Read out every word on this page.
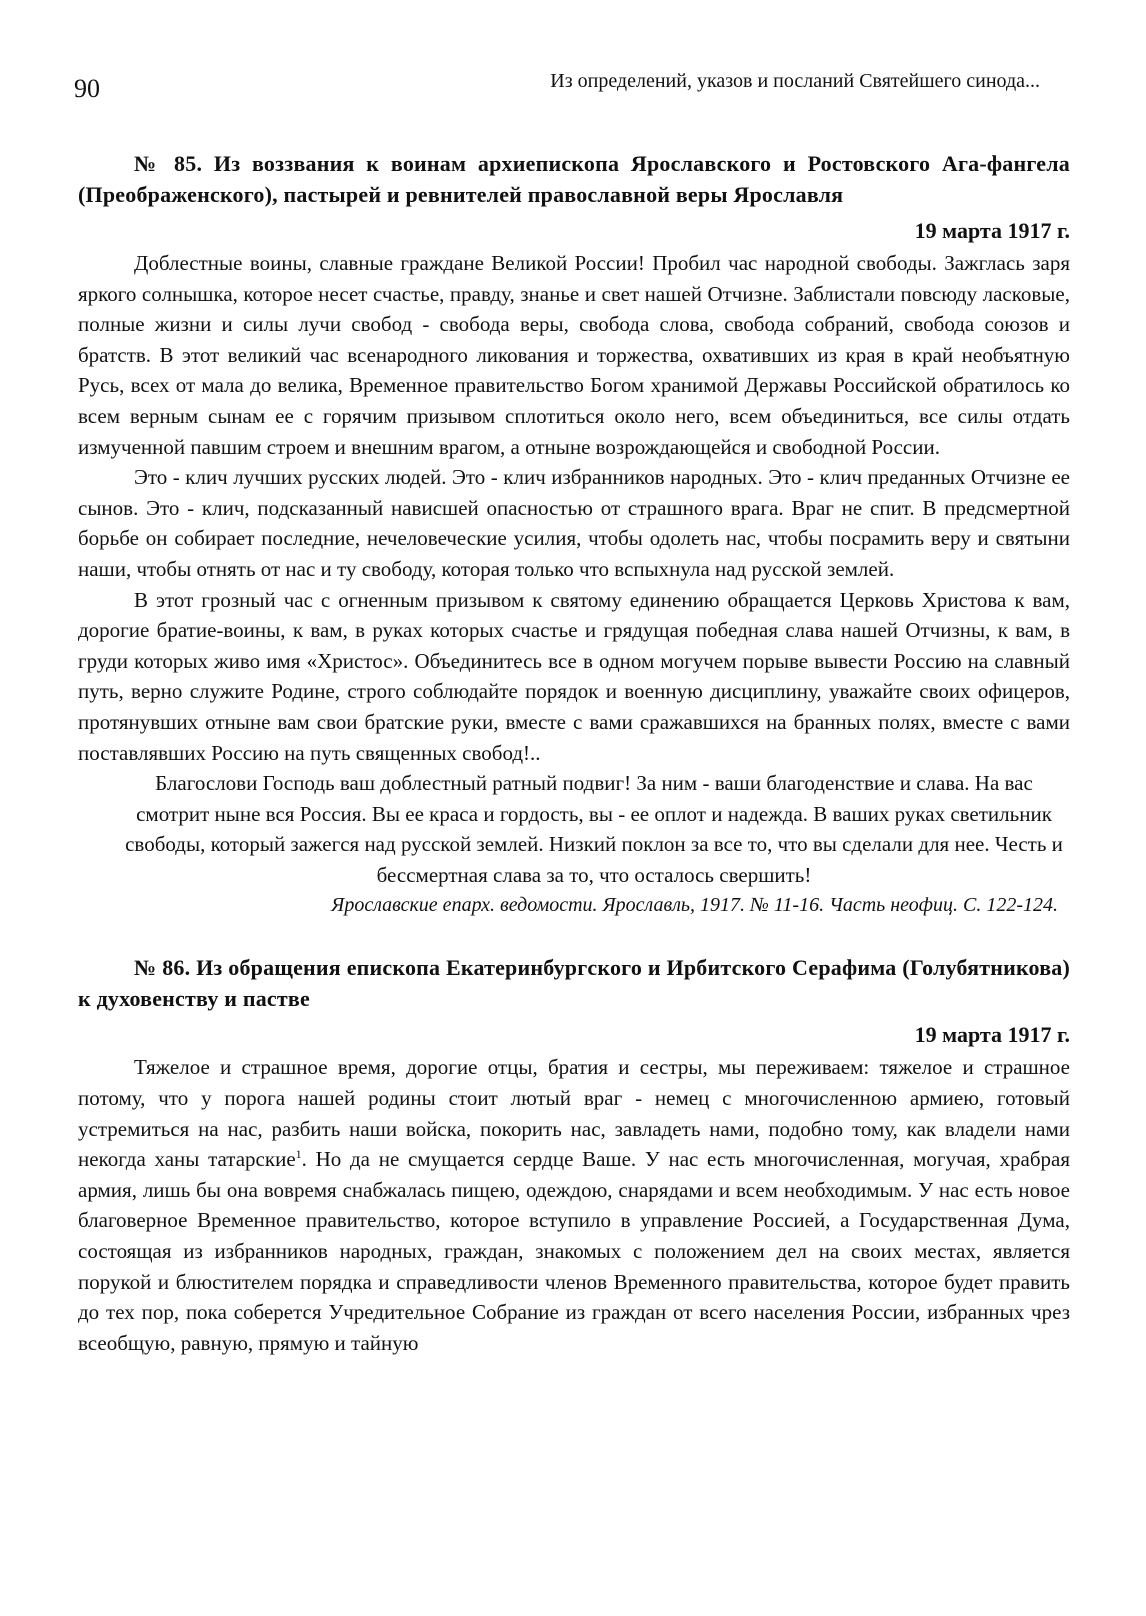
90	Из определений, указов и посланий Святейшего синода...

№ 85. Из воззвания к воинам архиепископа Ярославского и Ростовского Ага-фангела (Преображенского), пастырей и ревнителей православной веры Ярославля

19 марта 1917 г.

Доблестные воины, славные граждане Великой России! Пробил час народной свободы. Зажглась заря яркого солнышка, которое несет счастье, правду, знанье и свет нашей Отчизне. Заблистали повсюду ласковые, полные жизни и силы лучи свобод - свобода веры, свобода слова, свобода собраний, свобода союзов и братств. В этот великий час всенародного ликования и торжества, охвативших из края в край необъятную Русь, всех от мала до велика, Временное правительство Богом хранимой Державы Российской обратилось ко всем верным сынам ее с горячим призывом сплотиться около него, всем объединиться, все силы отдать измученной павшим строем и внешним врагом, а отныне возрождающейся и свободной России.

Это - клич лучших русских людей. Это - клич избранников народных. Это - клич преданных Отчизне ее сынов. Это - клич, подсказанный нависшей опасностью от страшного врага. Враг не спит. В предсмертной борьбе он собирает последние, нечеловеческие усилия, чтобы одолеть нас, чтобы посрамить веру и святыни наши, чтобы отнять от нас и ту свободу, которая только что вспыхнула над русской землей.

В этот грозный час с огненным призывом к святому единению обращается Церковь Христова к вам, дорогие братие-воины, к вам, в руках которых счастье и грядущая победная слава нашей Отчизны, к вам, в груди которых живо имя «Христос». Объединитесь все в одном могучем порыве вывести Россию на славный путь, верно служите Родине, строго соблюдайте порядок и военную дисциплину, уважайте своих офицеров, протянувших отныне вам свои братские руки, вместе с вами сражавшихся на бранных полях, вместе с вами поставлявших Россию на путь священных свобод!..

Благослови Господь ваш доблестный ратный подвиг! За ним - ваши благоденствие и слава. На вас смотрит ныне вся Россия. Вы ее краса и гордость, вы - ее оплот и надежда. В ваших руках светильник свободы, который зажегся над русской землей. Низкий поклон за все то, что вы сделали для нее. Честь и бессмертная слава за то, что осталось свершить!

Ярославские епарх. ведомости. Ярославль, 1917. № 11-16. Часть неофиц. С. 122-124.

№ 86. Из обращения епископа Екатеринбургского и Ирбитского Серафима (Голубятникова) к духовенству и пастве

19 марта 1917 г.

Тяжелое и страшное время, дорогие отцы, братия и сестры, мы переживаем: тяжелое и страшное потому, что у порога нашей родины стоит лютый враг - немец с многочисленною армиею, готовый устремиться на нас, разбить наши войска, покорить нас, завладеть нами, подобно тому, как владели нами некогда ханы татарские$^1$. Но да не смущается сердце Ваше. У нас есть многочисленная, могучая, храбрая армия, лишь бы она вовремя снабжалась пищею, одеждою, снарядами и всем необходимым. У нас есть новое благоверное Временное правительство, которое вступило в управление Россией, а Государственная Дума, состоящая из избранников народных, граждан, знакомых с положением дел на своих местах, является порукой и блюстителем порядка и справедливости членов Временного правительства, которое будет править до тех пор, пока соберется Учредительное Собрание из граждан от всего населения России, избранных чрез всеобщую, равную, прямую и тайную
